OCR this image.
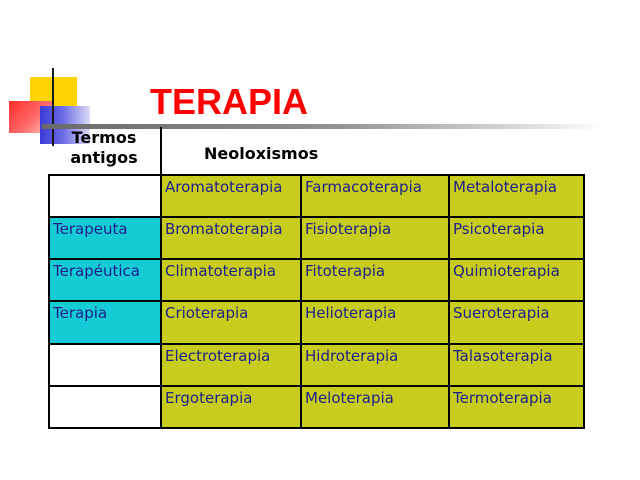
TERAPIA
Termos antigos	Neoloxismos
	Aromatoterapia	Farmacoterapia	Metaloterapia
Terapeuta	Bromatoterapia	Fisioterapia	Psicoterapia
Terapéutica	Climatoterapia	Fitoterapia	Quimioterapia
Terapia	Crioterapia	Helioterapia	Sueroterapia
	Electroterapia	Hidroterapia	Talasoterapia
	Ergoterapia	Meloterapia	Termoterapia
